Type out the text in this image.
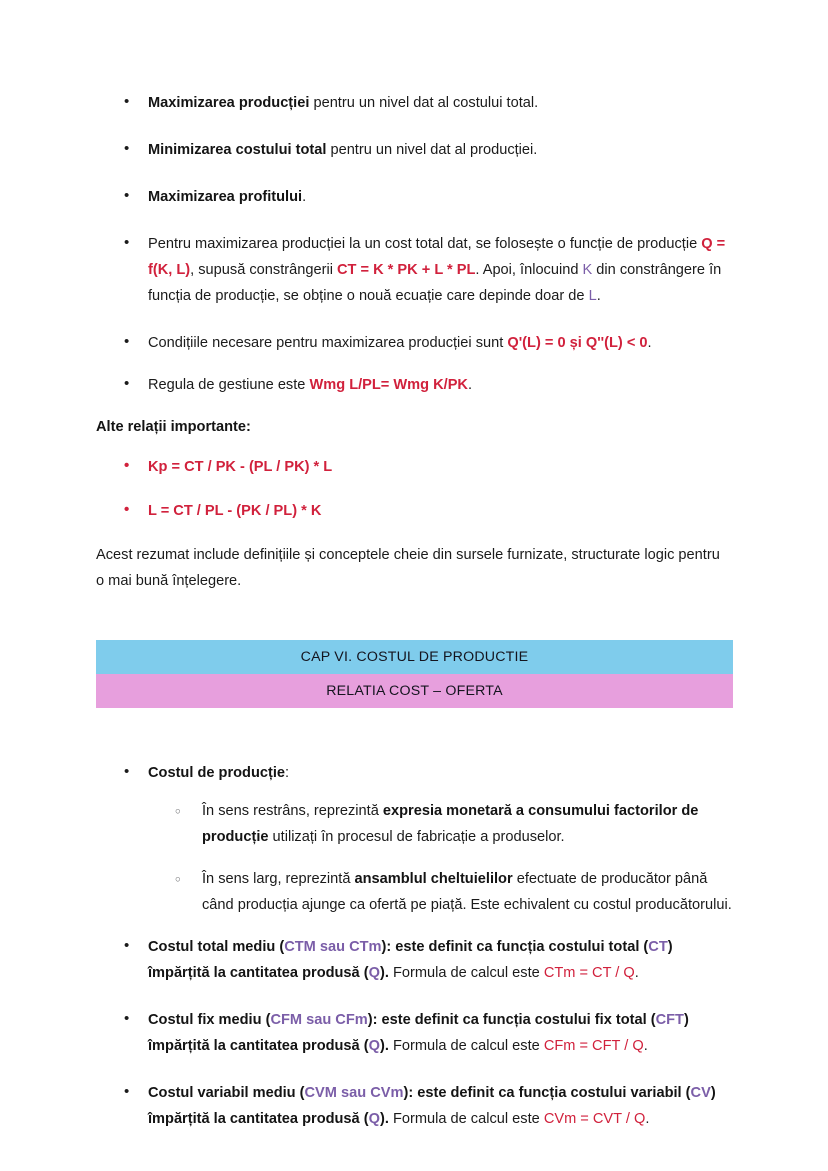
• Maximizarea producției pentru un nivel dat al costului total.
• Minimizarea costului total pentru un nivel dat al producției.
• Maximizarea profitului.
• Pentru maximizarea producției la un cost total dat, se folosește o funcție de producție Q = f(K, L), supusă constrângerii CT = K * PK + L * PL. Apoi, înlocuind K din constrângere în funcția de producție, se obține o nouă ecuație care depinde doar de L.
• Condițiile necesare pentru maximizarea producției sunt Q'(L) = 0 și Q''(L) < 0.
• Regula de gestiune este Wmg L/PL= Wmg K/PK.
Alte relații importante:
• Kp = CT / PK - (PL / PK) * L
• L = CT / PL - (PK / PL) * K

Acest rezumat include definițiile și conceptele cheie din sursele furnizate, structurate logic pentru o mai bună înțelegere.

CAP VI. COSTUL DE PRODUCTIE
RELATIA COST – OFERTA
• Costul de producție:
○ În sens restrâns, reprezintă expresia monetară a consumului factorilor de producție utilizați în procesul de fabricație a produselor.
○ În sens larg, reprezintă ansamblul cheltuielilor efectuate de producător până când producția ajunge ca ofertă pe piață. Este echivalent cu costul producătorului.
• Costul total mediu (CTM sau CTm): este definit ca funcția costului total (CT) împărțită la cantitatea produsă (Q). Formula de calcul este CTm = CT / Q.
• Costul fix mediu (CFM sau CFm): este definit ca funcția costului fix total (CFT) împărțită la cantitatea produsă (Q). Formula de calcul este CFm = CFT / Q.
• Costul variabil mediu (CVM sau CVm): este definit ca funcția costului variabil (CV) împărțită la cantitatea produsă (Q). Formula de calcul este CVm = CVT / Q.
